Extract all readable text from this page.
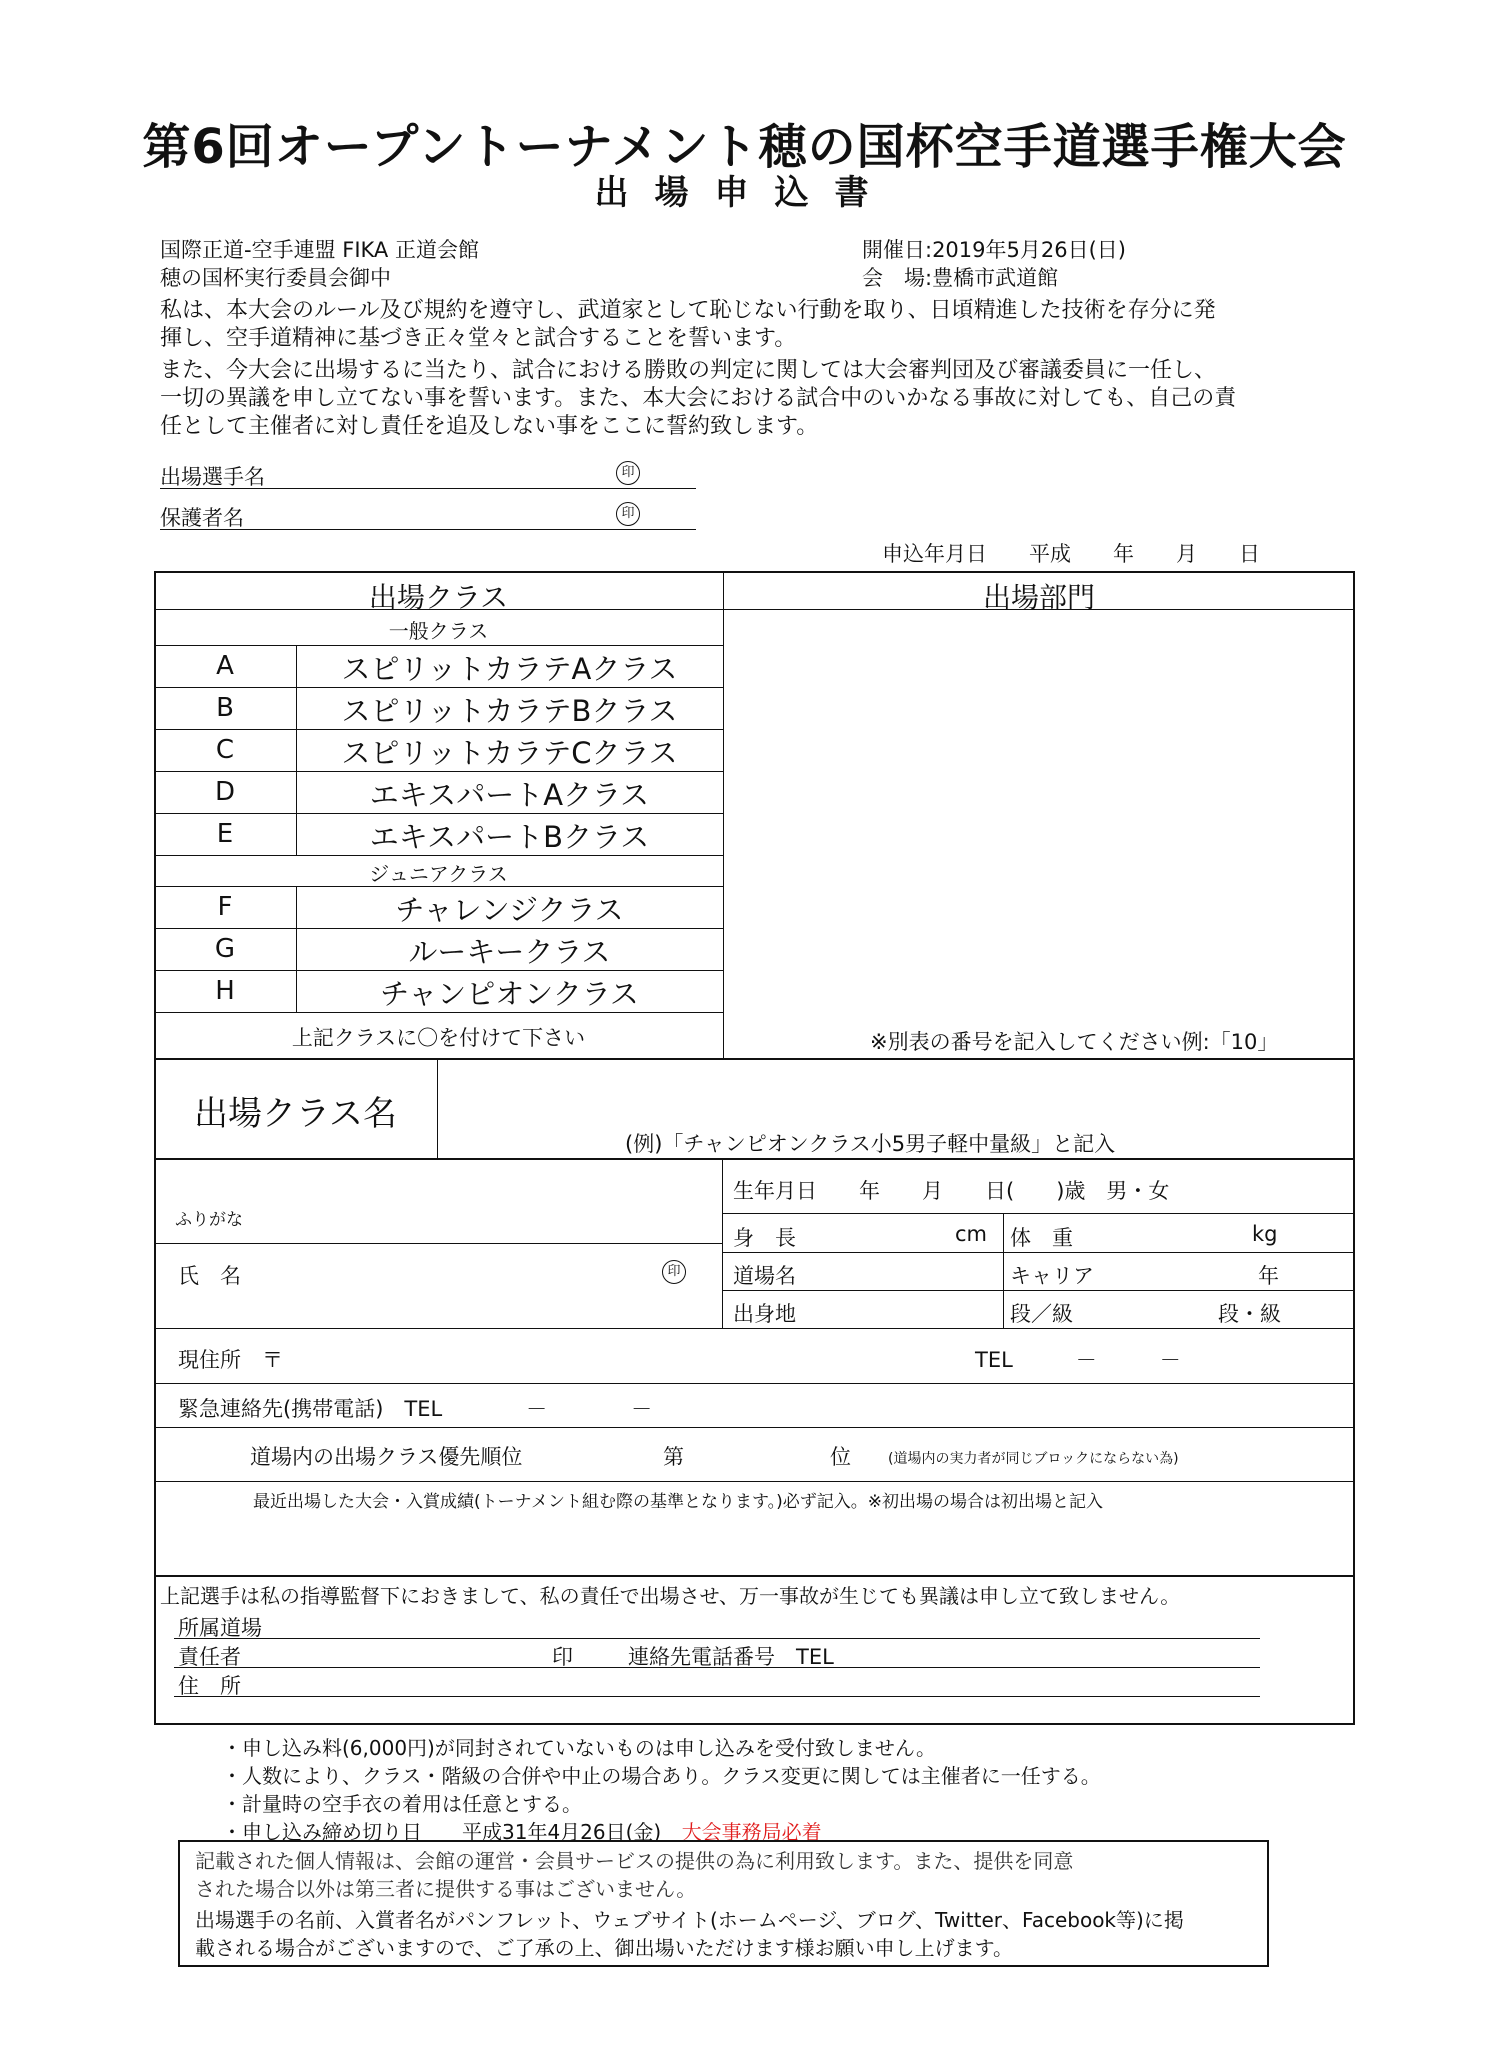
第6回オープントーナメント穂の国杯空手道選手権大会
出場申込書
国際正道-空手連盟 FIKA 正道会館
穂の国杯実行委員会御中
開催日:2019年5月26日(日)
会　場:豊橋市武道館
私は、本大会のルール及び規約を遵守し、武道家として恥じない行動を取り、日頃精進した技術を存分に発
揮し、空手道精神に基づき正々堂々と試合することを誓います。
また、今大会に出場するに当たり、試合における勝敗の判定に関しては大会審判団及び審議委員に一任し、
一切の異議を申し立てない事を誓います。また、本大会における試合中のいかなる事故に対しても、自己の責
任として主催者に対し責任を追及しない事をここに誓約致します。
出場選手名	印
保護者名	印
申込年月日　　平成　　年　　月　　日
出場クラス	出場部門
一般クラス
A	スピリットカラテAクラス
B	スピリットカラテBクラス
C	スピリットカラテCクラス
D	エキスパートAクラス
E	エキスパートBクラス
ジュニアクラス
F	チャレンジクラス
G	ルーキークラス
H	チャンピオンクラス
上記クラスに〇を付けて下さい	※別表の番号を記入してください例:「10」
出場クラス名
(例)「チャンピオンクラス小5男子軽中量級」と記入
ふりがな
氏　名	印
生年月日　　年　　月　　日(　　)歳　男・女
身　長	cm 体　重	kg
道場名	キャリア	年
出身地	段／級	段・級
現住所　〒	TEL　　　－　　　－
緊急連絡先(携帯電話)　TEL　　　　－　　　　－
道場内の出場クラス優先順位	第	位	(道場内の実力者が同じブロックにならない為)
最近出場した大会・入賞成績(トーナメント組む際の基準となります。)必ず記入。※初出場の場合は初出場と記入
上記選手は私の指導監督下におきまして、私の責任で出場させ、万一事故が生じても異議は申し立て致しません。
所属道場
責任者	印	連絡先電話番号　TEL
住　所
・申し込み料(6,000円)が同封されていないものは申し込みを受付致しません。
・人数により、クラス・階級の合併や中止の場合あり。クラス変更に関しては主催者に一任する。
・計量時の空手衣の着用は任意とする。
・申し込み締め切り日　　平成31年4月26日(金) 大会事務局必着
記載された個人情報は、会館の運営・会員サービスの提供の為に利用致します。また、提供を同意
された場合以外は第三者に提供する事はございません。
出場選手の名前、入賞者名がパンフレット、ウェブサイト(ホームページ、ブログ、Twitter、Facebook等)に掲
載される場合がございますので、ご了承の上、御出場いただけます様お願い申し上げます。
